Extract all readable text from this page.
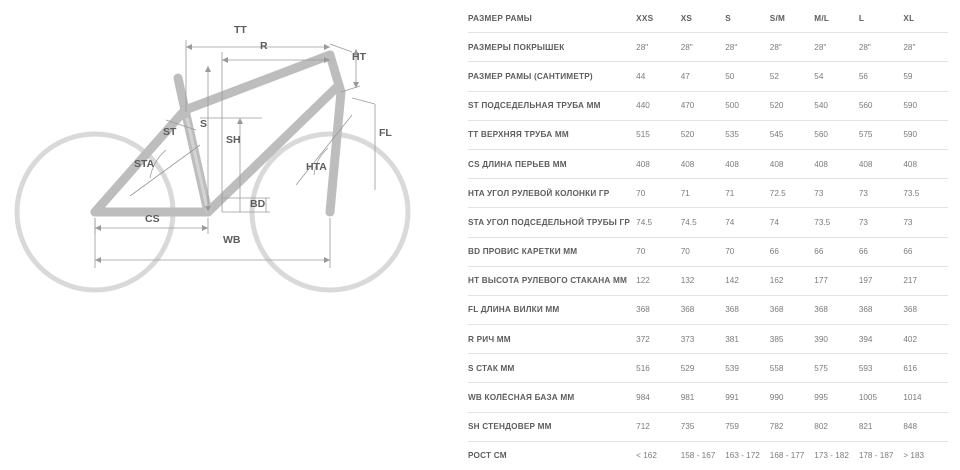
TT
R
HT
ST
S
SH
FL
STA	HTA
BD
CS
WB
РАЗМЕР РАМЫ	XXS	XS	S	S/M	M/L	L	XL
РАЗМЕРЫ ПОКРЫШЕК	28"	28"	28"	28"	28"	28"	28"
РАЗМЕР РАМЫ (САНТИМЕТР)	44	47	50	52	54	56	59
ST ПОДСЕДЕЛЬНАЯ ТРУБА ММ	440	470	500	520	540	560	590
TT ВЕРХНЯЯ ТРУБА ММ	515	520	535	545	560	575	590
CS ДЛИНА ПЕРЬЕВ ММ	408	408	408	408	408	408	408
HTA УГОЛ РУЛЕВОЙ КОЛОНКИ ГР	70	71	71	72.5	73	73	73.5
STA УГОЛ ПОДСЕДЕЛЬНОЙ ТРУБЫ ГР	74.5	74.5	74	74	73.5	73	73
BD ПРОВИС КАРЕТКИ ММ	70	70	70	66	66	66	66
HT ВЫСОТА РУЛЕВОГО СТАКАНА ММ	122	132	142	162	177	197	217
FL ДЛИНА ВИЛКИ ММ	368	368	368	368	368	368	368
R РИЧ ММ	372	373	381	385	390	394	402
S СТАК ММ	516	529	539	558	575	593	616
WB КОЛЁСНАЯ БАЗА ММ	984	981	991	990	995	1005	1014
SH СТЕНДОВЕР ММ	712	735	759	782	802	821	848
РОСТ СМ	< 162	158 - 167	163 - 172	168 - 177	173 - 182	178 - 187	> 183
